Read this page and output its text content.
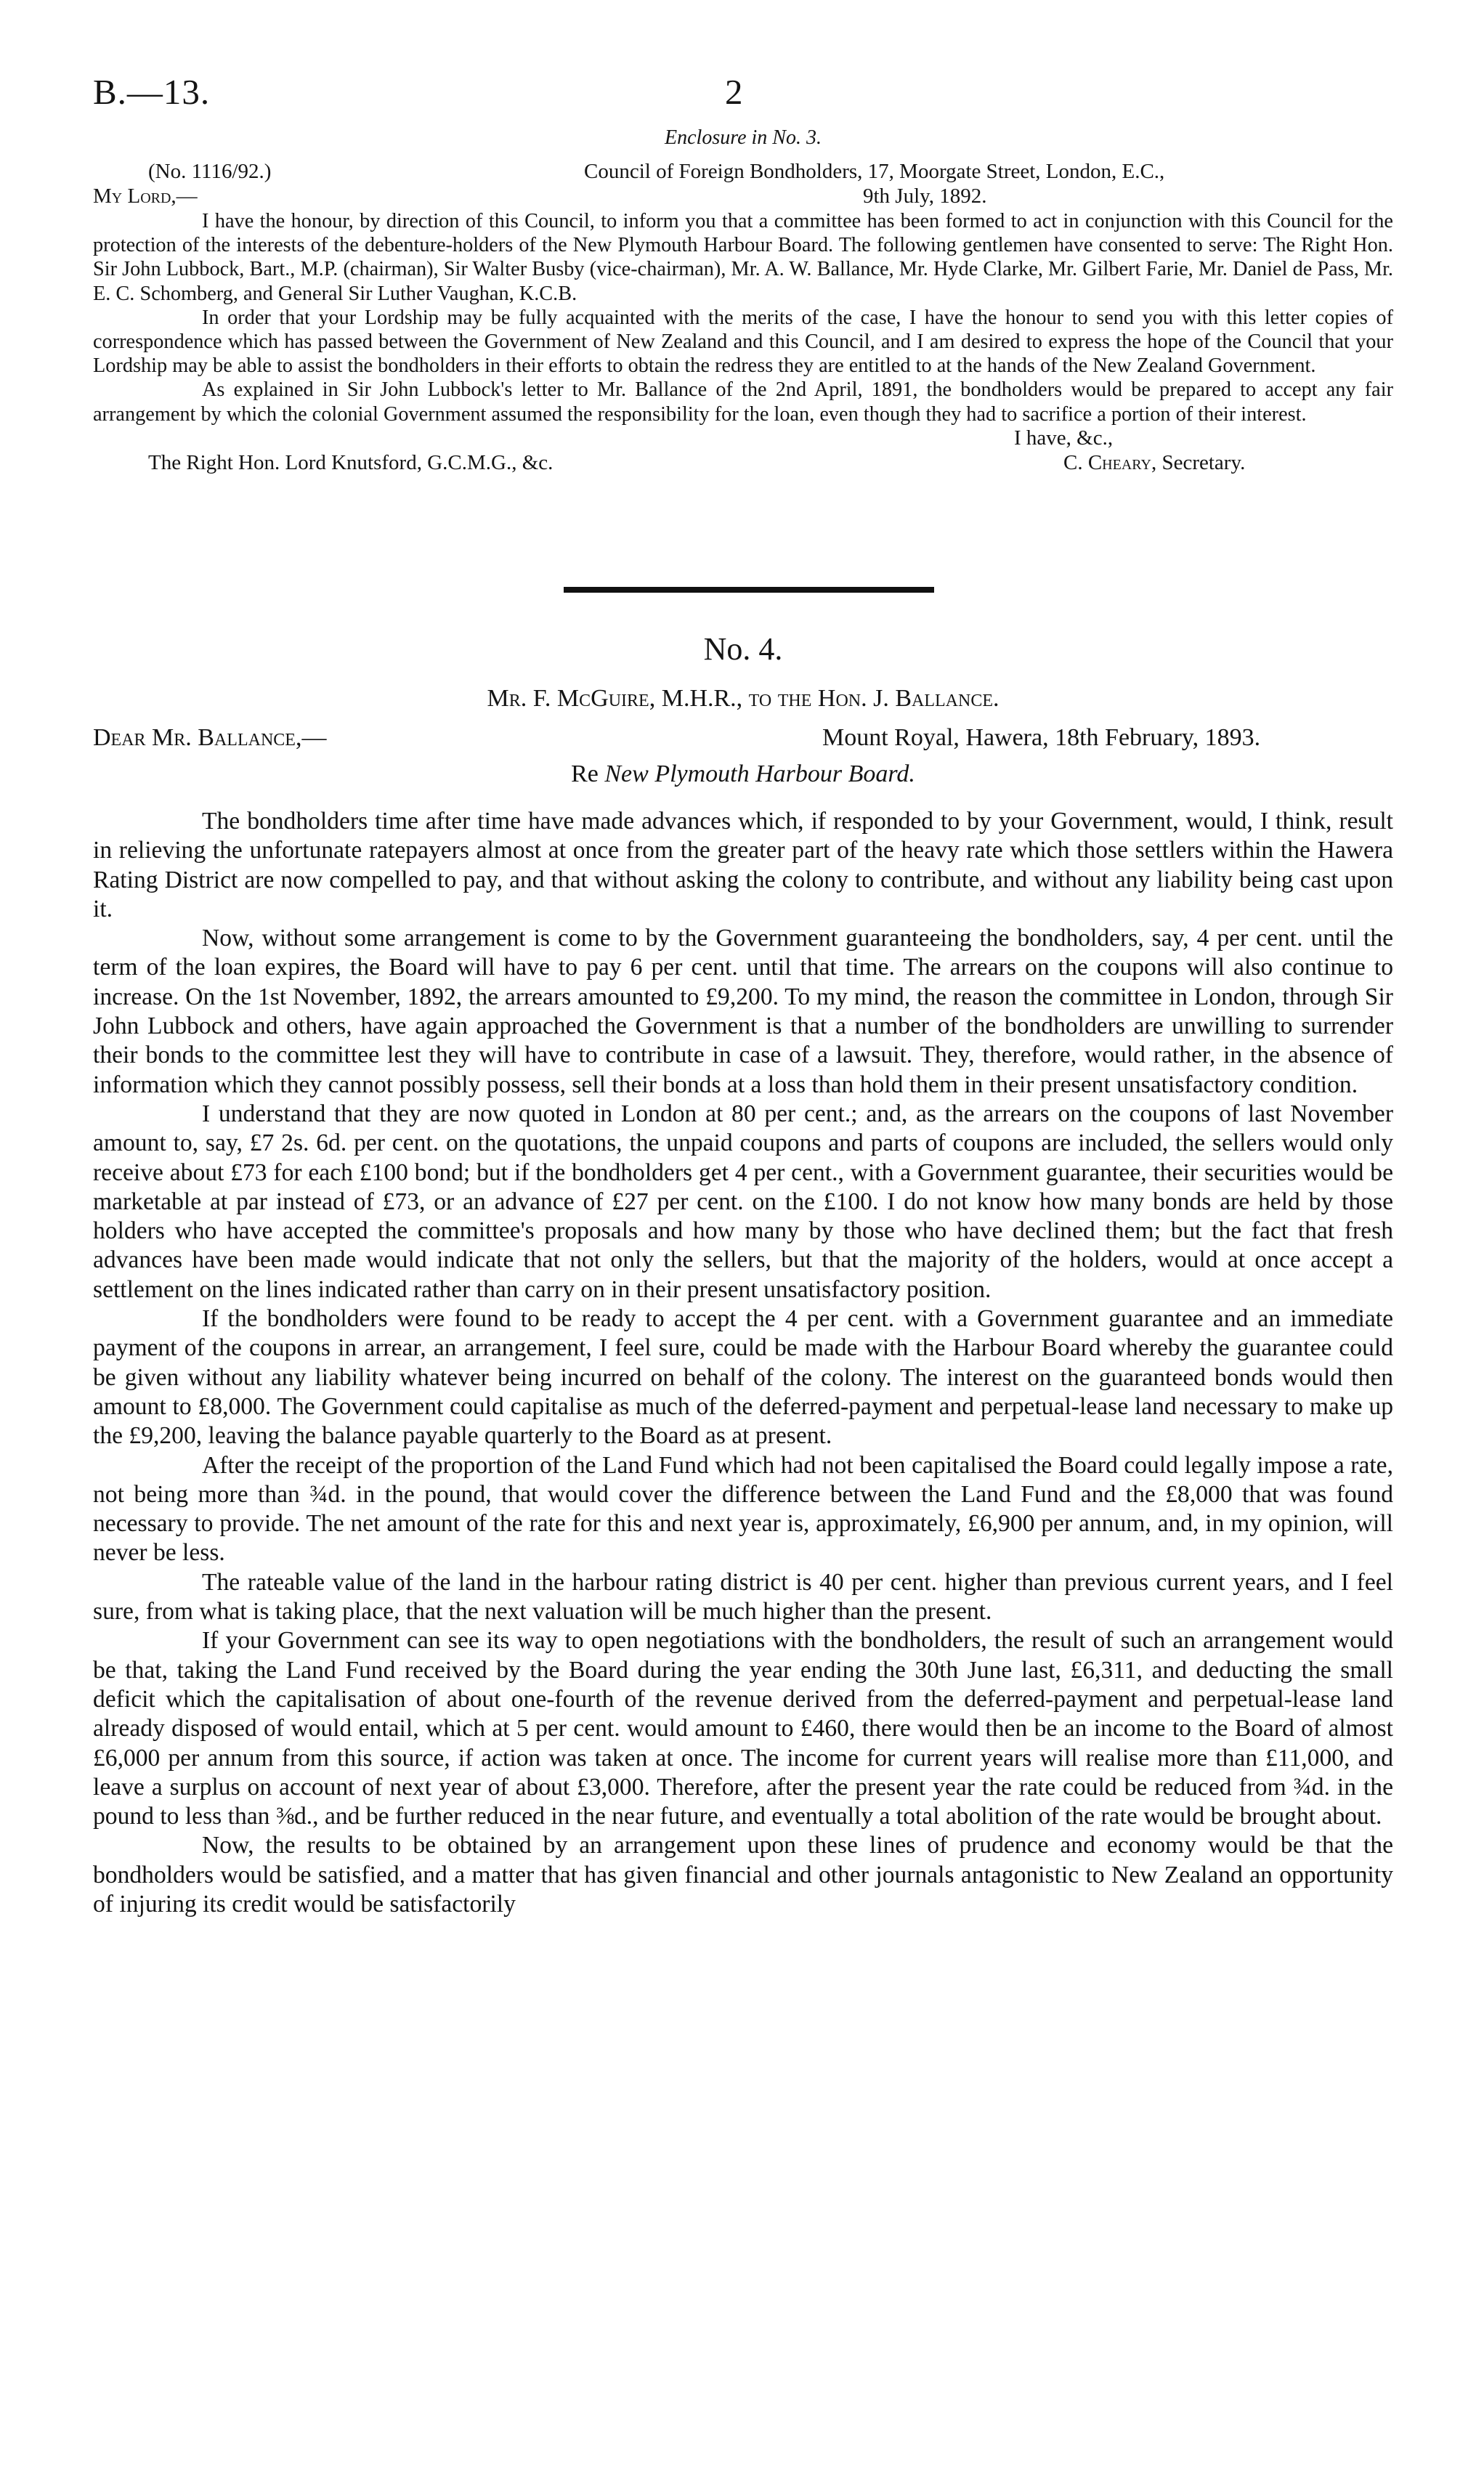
B.—13.	2
Enclosure in No. 3.
(No. 1116/92.)	Council of Foreign Bondholders, 17, Moorgate Street, London, E.C.,
My Lord,—	9th July, 1892.

I have the honour, by direction of this Council, to inform you that a committee has been formed to act in conjunction with this Council for the protection of the interests of the debenture-holders of the New Plymouth Harbour Board. The following gentlemen have consented to serve: The Right Hon. Sir John Lubbock, Bart., M.P. (chairman), Sir Walter Busby (vice-chairman), Mr. A. W. Ballance, Mr. Hyde Clarke, Mr. Gilbert Farie, Mr. Daniel de Pass, Mr. E. C. Schomberg, and General Sir Luther Vaughan, K.C.B.

In order that your Lordship may be fully acquainted with the merits of the case, I have the honour to send you with this letter copies of correspondence which has passed between the Government of New Zealand and this Council, and I am desired to express the hope of the Council that your Lordship may be able to assist the bondholders in their efforts to obtain the redress they are entitled to at the hands of the New Zealand Government.

As explained in Sir John Lubbock's letter to Mr. Ballance of the 2nd April, 1891, the bondholders would be prepared to accept any fair arrangement by which the colonial Government assumed the responsibility for the loan, even though they had to sacrifice a portion of their interest.

I have, &c.,
The Right Hon. Lord Knutsford, G.C.M.G., &c.	C. Cheary, Secretary.
No. 4.
Mr. F. McGuire, M.H.R., to the Hon. J. Ballance.
Dear Mr. Ballance,—	Mount Royal, Hawera, 18th February, 1893.
Re New Plymouth Harbour Board.

The bondholders time after time have made advances which, if responded to by your Government, would, I think, result in relieving the unfortunate ratepayers almost at once from the greater part of the heavy rate which those settlers within the Hawera Rating District are now compelled to pay, and that without asking the colony to contribute, and without any liability being cast upon it.

Now, without some arrangement is come to by the Government guaranteeing the bondholders, say, 4 per cent. until the term of the loan expires, the Board will have to pay 6 per cent. until that time. The arrears on the coupons will also continue to increase. On the 1st November, 1892, the arrears amounted to £9,200. To my mind, the reason the committee in London, through Sir John Lubbock and others, have again approached the Government is that a number of the bondholders are unwilling to surrender their bonds to the committee lest they will have to contribute in case of a lawsuit. They, therefore, would rather, in the absence of information which they cannot possibly possess, sell their bonds at a loss than hold them in their present unsatisfactory condition.

I understand that they are now quoted in London at 80 per cent.; and, as the arrears on the coupons of last November amount to, say, £7 2s. 6d. per cent. on the quotations, the unpaid coupons and parts of coupons are included, the sellers would only receive about £73 for each £100 bond; but if the bondholders get 4 per cent., with a Government guarantee, their securities would be marketable at par instead of £73, or an advance of £27 per cent. on the £100. I do not know how many bonds are held by those holders who have accepted the committee's proposals and how many by those who have declined them; but the fact that fresh advances have been made would indicate that not only the sellers, but that the majority of the holders, would at once accept a settlement on the lines indicated rather than carry on in their present unsatisfactory position.

If the bondholders were found to be ready to accept the 4 per cent. with a Government guarantee and an immediate payment of the coupons in arrear, an arrangement, I feel sure, could be made with the Harbour Board whereby the guarantee could be given without any liability whatever being incurred on behalf of the colony. The interest on the guaranteed bonds would then amount to £8,000. The Government could capitalise as much of the deferred-payment and perpetual-lease land necessary to make up the £9,200, leaving the balance payable quarterly to the Board as at present.

After the receipt of the proportion of the Land Fund which had not been capitalised the Board could legally impose a rate, not being more than ¾d. in the pound, that would cover the difference between the Land Fund and the £8,000 that was found necessary to provide. The net amount of the rate for this and next year is, approximately, £6,900 per annum, and, in my opinion, will never be less.

The rateable value of the land in the harbour rating district is 40 per cent. higher than previous current years, and I feel sure, from what is taking place, that the next valuation will be much higher than the present.

If your Government can see its way to open negotiations with the bondholders, the result of such an arrangement would be that, taking the Land Fund received by the Board during the year ending the 30th June last, £6,311, and deducting the small deficit which the capitalisation of about one-fourth of the revenue derived from the deferred-payment and perpetual-lease land already disposed of would entail, which at 5 per cent. would amount to £460, there would then be an income to the Board of almost £6,000 per annum from this source, if action was taken at once. The income for current years will realise more than £11,000, and leave a surplus on account of next year of about £3,000. Therefore, after the present year the rate could be reduced from ¾d. in the pound to less than ⅜d., and be further reduced in the near future, and eventually a total abolition of the rate would be brought about.

Now, the results to be obtained by an arrangement upon these lines of prudence and economy would be that the bondholders would be satisfied, and a matter that has given financial and other journals antagonistic to New Zealand an opportunity of injuring its credit would be satisfactorily
